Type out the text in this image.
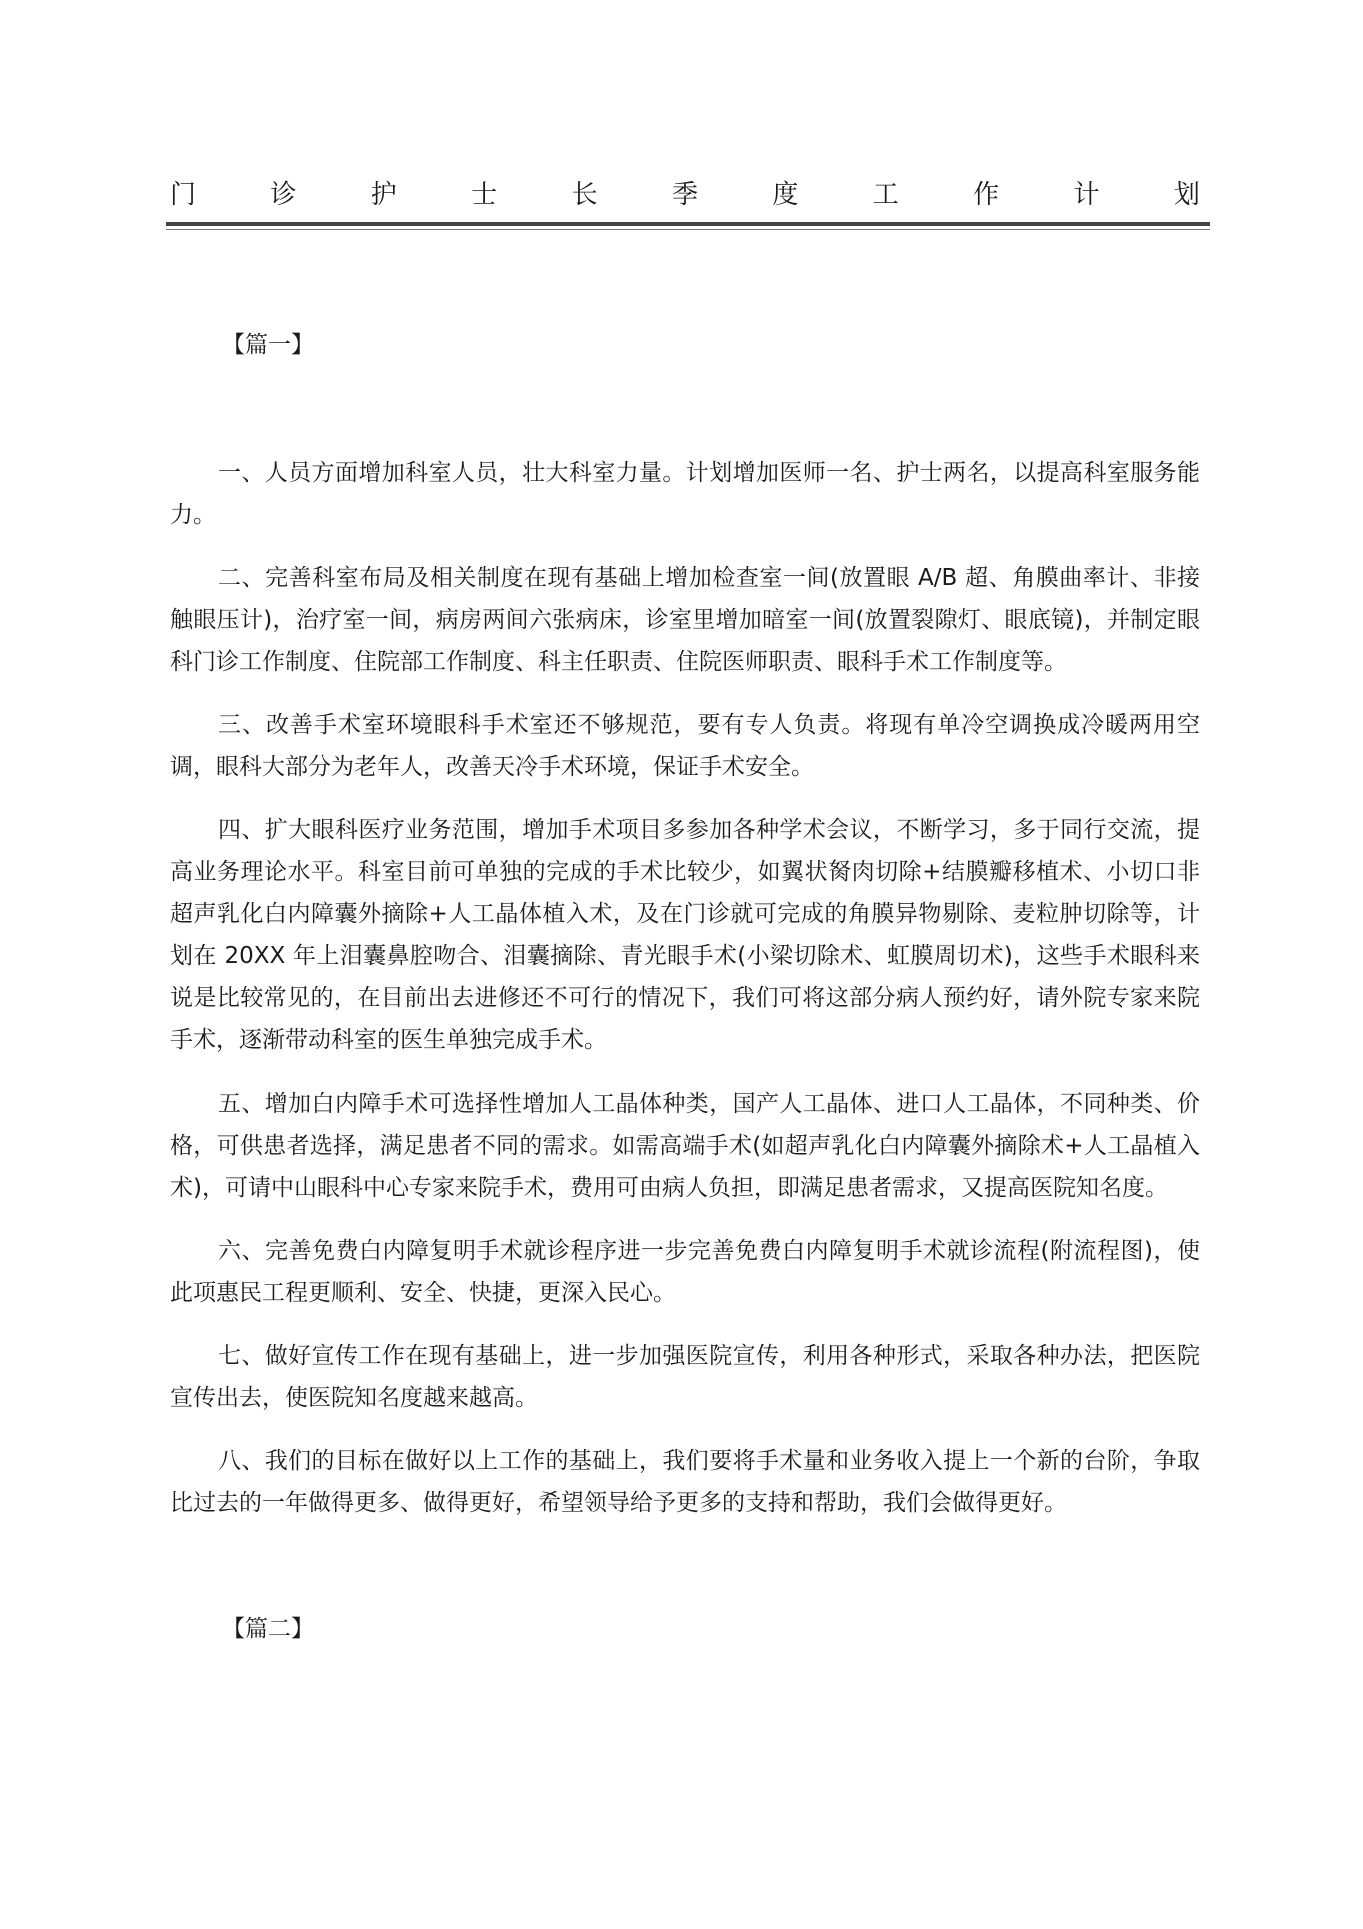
门	诊	护	士	长	季	度	工	作	计	划
【篇一】

一、人员方面增加科室人员，壮大科室力量。计划增加医师一名、护士两名，以提高科室服务能力。

二、完善科室布局及相关制度在现有基础上增加检查室一间(放置眼 A/B 超、角膜曲率计、非接触眼压计)，治疗室一间，病房两间六张病床，诊室里增加暗室一间(放置裂隙灯、眼底镜)，并制定眼科门诊工作制度、住院部工作制度、科主任职责、住院医师职责、眼科手术工作制度等。

三、改善手术室环境眼科手术室还不够规范，要有专人负责。将现有单冷空调换成冷暖两用空调，眼科大部分为老年人，改善天冷手术环境，保证手术安全。

四、扩大眼科医疗业务范围，增加手术项目多参加各种学术会议，不断学习，多于同行交流，提高业务理论水平。科室目前可单独的完成的手术比较少，如翼状胬肉切除+结膜瓣移植术、小切口非超声乳化白内障囊外摘除+人工晶体植入术，及在门诊就可完成的角膜异物剔除、麦粒肿切除等，计划在 20XX 年上泪囊鼻腔吻合、泪囊摘除、青光眼手术(小梁切除术、虹膜周切术)，这些手术眼科来说是比较常见的，在目前出去进修还不可行的情况下，我们可将这部分病人预约好，请外院专家来院手术，逐渐带动科室的医生单独完成手术。

五、增加白内障手术可选择性增加人工晶体种类，国产人工晶体、进口人工晶体，不同种类、价格，可供患者选择，满足患者不同的需求。如需高端手术(如超声乳化白内障囊外摘除术+人工晶植入术)，可请中山眼科中心专家来院手术，费用可由病人负担，即满足患者需求，又提高医院知名度。

六、完善免费白内障复明手术就诊程序进一步完善免费白内障复明手术就诊流程(附流程图)，使此项惠民工程更顺利、安全、快捷，更深入民心。

七、做好宣传工作在现有基础上，进一步加强医院宣传，利用各种形式，采取各种办法，把医院宣传出去，使医院知名度越来越高。

八、我们的目标在做好以上工作的基础上，我们要将手术量和业务收入提上一个新的台阶，争取比过去的一年做得更多、做得更好，希望领导给予更多的支持和帮助，我们会做得更好。

【篇二】
